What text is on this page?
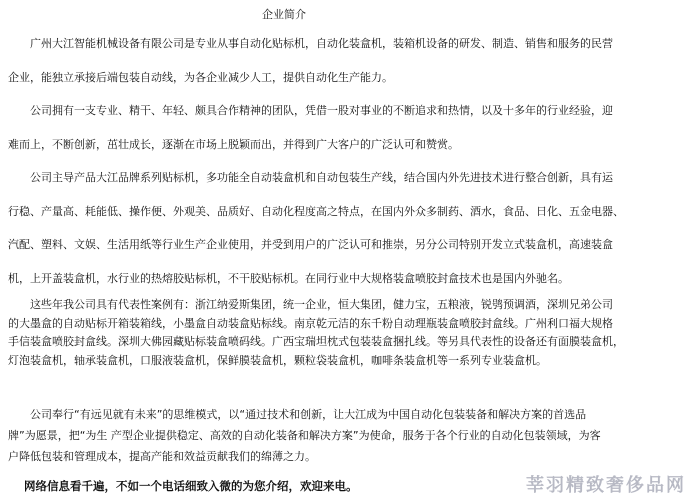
企业简介
　　广州大江智能机械设备有限公司是专业从事自动化贴标机，自动化装盒机，装箱机设备的研发、制造、销售和服务的民营
企业，能独立承接后端包装自动线，为各企业减少人工，提供自动化生产能力。
　　公司拥有一支专业、精干、年轻、颇具合作精神的团队，凭借一股对事业的不断追求和热情，以及十多年的行业经验，迎
难而上，不断创新，茁壮成长，逐渐在市场上脱颖而出，并得到广大客户的广泛认可和赞赏。
　　公司主导产品大江品牌系列贴标机，多功能全自动装盒机和自动包装生产线，结合国内外先进技术进行整合创新，具有运
行稳、产量高、耗能低、操作便、外观美、品质好、自动化程度高之特点，在国内外众多制药、酒水，食品、日化、五金电器、
汽配、塑料、文娱、生活用纸等行业生产企业使用，并受到用户的广泛认可和推崇，另分公司特别开发立式装盒机，高速装盒
机，上开盖装盒机，水行业的热熔胶贴标机，不干胶贴标机。在同行业中大规格装盒喷胶封盒技术也是国内外驰名。
　　这些年我公司具有代表性案例有：浙江纳爱斯集团，统一企业，恒大集团，健力宝，五粮液，锐鸮预调酒，深圳兄弟公司
的大墨盒的自动贴标开箱装箱线，小墨盒自动装盒贴标线。南京乾元洁的东千粉自动理瓶装盒喷胶封盒线。广州利口福大规格
手信装盒喷胶封盒线。深圳大佛园藏贴标装盒喷码线。广西宝瑞坦枕式包装装盒捆扎线。等另具代表性的设备还有面膜装盒机，
灯泡装盒机，轴承装盒机，口服液装盒机，保鲜膜装盒机，颗粒袋装盒机，咖啡条装盒机等一系列专业装盒机。
　　公司奉行“有远见就有未来”的思维模式，以“通过技术和创新，让大江成为中国自动化包装装备和解决方案的首选品
牌”为愿景，把“为生 产型企业提供稳定、高效的自动化装备和解决方案”为使命，服务于各个行业的自动化包装领域，为客
户降低包装和管理成本，提高产能和效益贡献我们的绵薄之力。
网络信息看千遍，不如一个电话细致入微的为您介绍，欢迎来电。	莘羽精致奢侈品网
